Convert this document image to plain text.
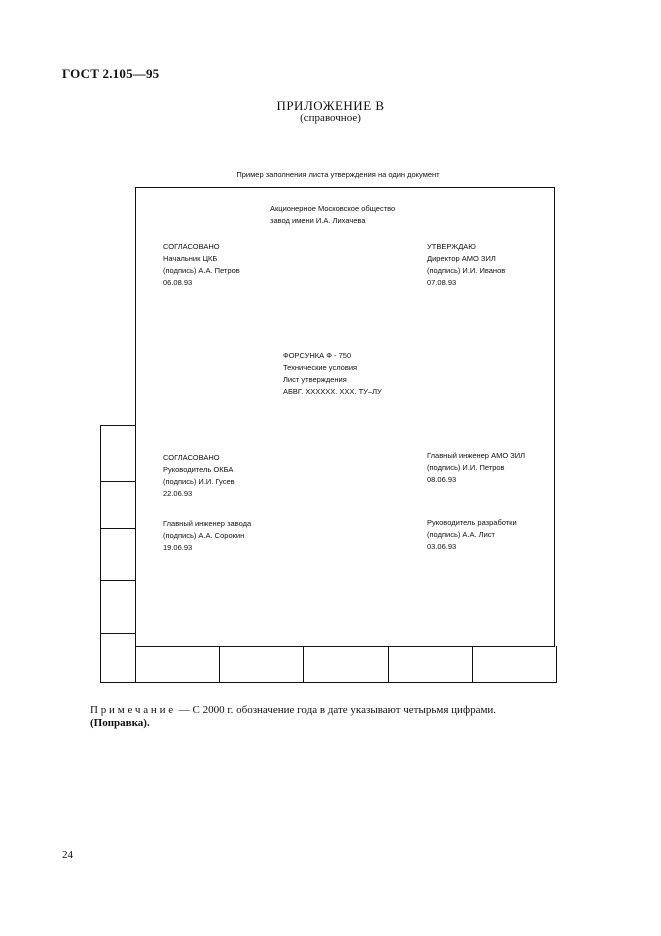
ГОСТ 2.105—95
ПРИЛОЖЕНИЕ В
(справочное)
Пример заполнения листа утверждения на один документ
Акционерное Московское общество
завод имени И.А. Лихачева
СОГЛАСОВАНО
Начальник ЦКБ
(подпись) А.А. Петров
06.08.93
УТВЕРЖДАЮ
Директор АМО ЗИЛ
(подпись) И.И. Иванов
07.08.93
ФОРСУНКА Ф - 750
Технические условия
Лист утверждения
АБВГ. XXXXXX. XXX. ТУ–ЛУ
СОГЛАСОВАНО
Руководитель ОКБА
(подпись) И.И. Гусев
22.06.93
Главный инженер АМО ЗИЛ
(подпись) И.И. Петров
08.06.93
Главный инженер завода
(подпись) А.А. Сорокин
19.06.93
Руководитель разработки
(подпись) А.А. Лист
03.06.93
Примечание — С 2000 г. обозначение года в дате указывают четырьмя цифрами.
(Поправка).
24
